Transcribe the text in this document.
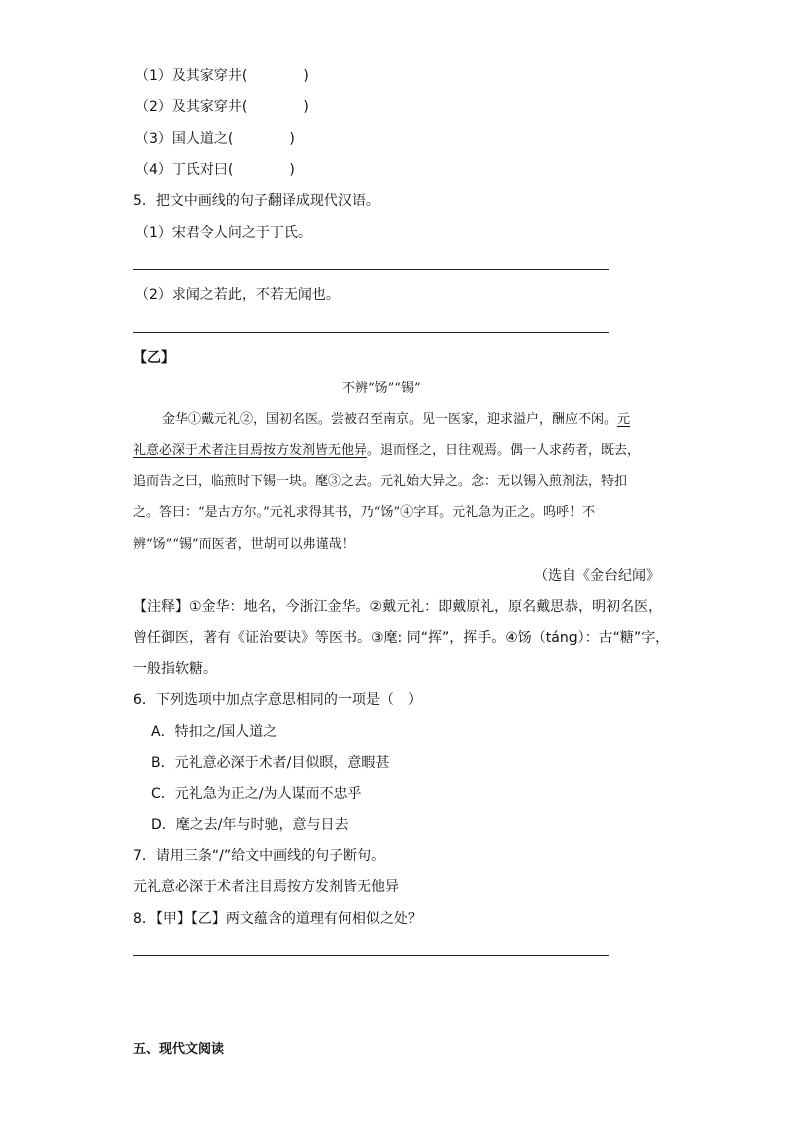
（1）及其家穿井(　　　　)
（2）及其家穿井(　　　　)
（3）国人道之(　　　　)
（4）丁氏对曰(　　　　)
5．把文中画线的句子翻译成现代汉语。
（1）宋君令人问之于丁氏。
（2）求闻之若此，不若无闻也。
【乙】
不辨“饧”“锡”
金华①戴元礼②，国初名医。尝被召至南京。见一医家，迎求溢户，酬应不闲。元
礼意必深于术者注目焉按方发剂皆无他异。退而怪之，日往观焉。偶一人求药者，既去，
追而告之曰，临煎时下锡一块。麾③之去。元礼始大异之。念：无以锡入煎剂法，特扣
之。答曰：“是古方尔。”元礼求得其书，乃“饧”④字耳。元礼急为正之。呜呼！不
辨“饧”“锡”而医者，世胡可以弗谨哉！
（选自《金台纪闻》
【注释】①金华：地名，今浙江金华。②戴元礼：即戴原礼，原名戴思恭，明初名医，
曾任御医，著有《证治要诀》等医书。③麾: 同“挥”，挥手。④饧（táng）：古“糖”字，
一般指软糖。
6．下列选项中加点字意思相同的一项是（　）
A．特扣之/国人道之
B．元礼意必深于术者/目似瞑，意暇甚
C．元礼急为正之/为人谋而不忠乎
D．麾之去/年与时驰，意与日去
7．请用三条“/”给文中画线的句子断句。
元礼意必深于术者注目焉按方发剂皆无他异
8．【甲】【乙】两文蕴含的道理有何相似之处？
五、现代文阅读
